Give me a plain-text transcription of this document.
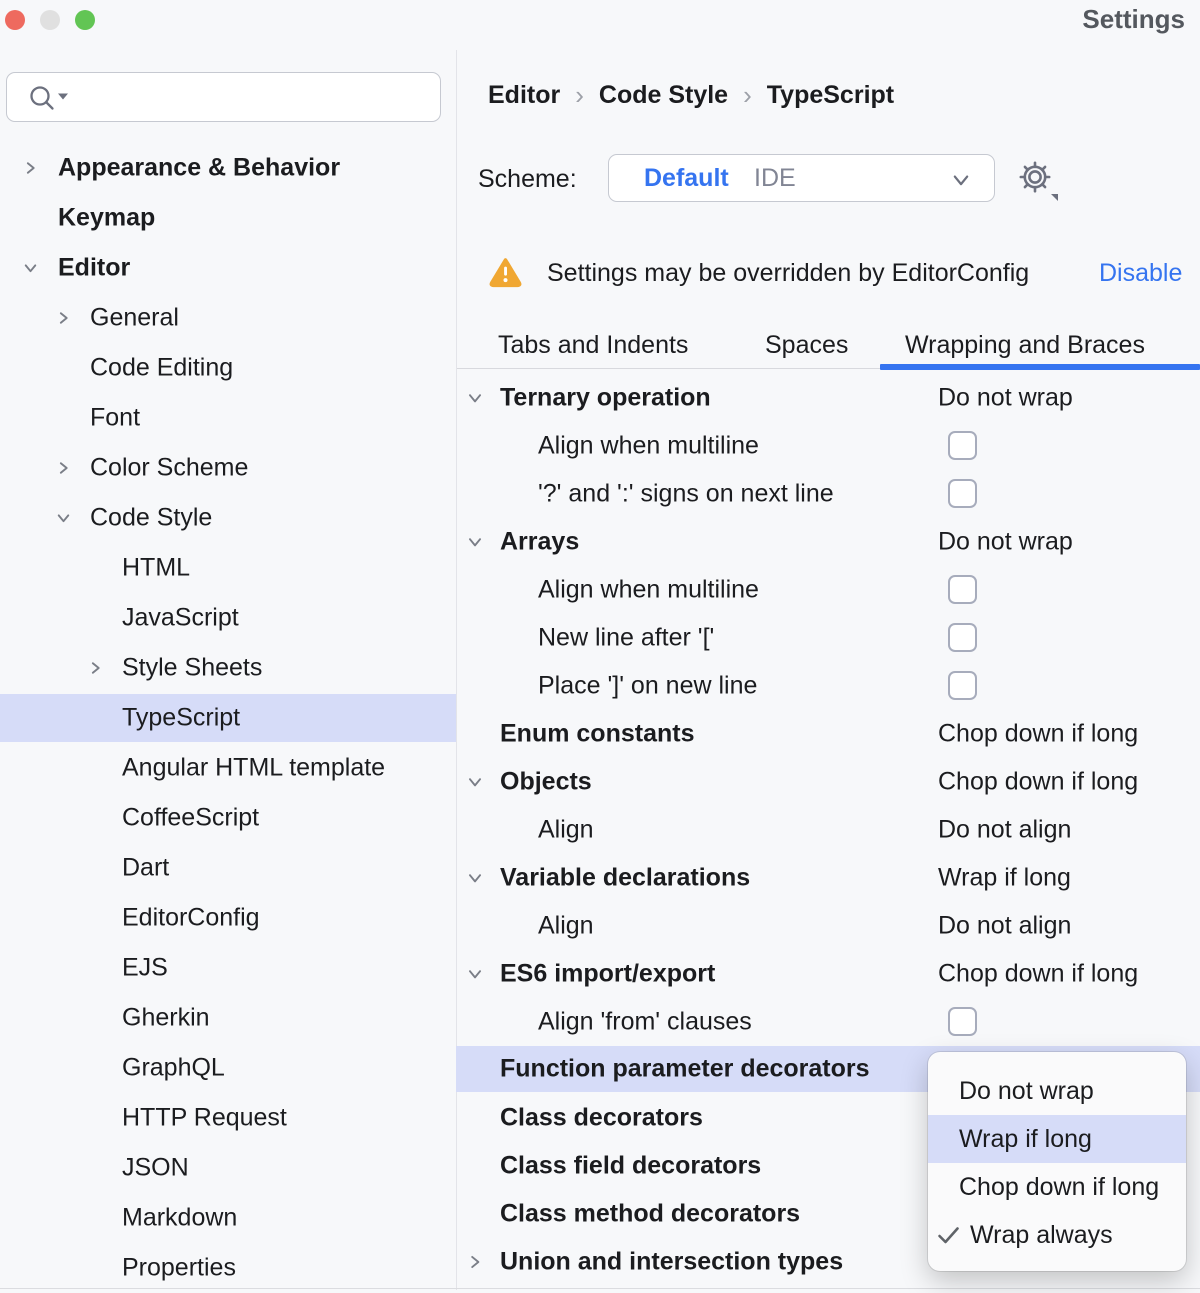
Settings
Appearance & Behavior
Keymap
Editor
General
Code Editing
Font
Color Scheme
Code Style
HTML
JavaScript
Style Sheets
TypeScript
Angular HTML template
CoffeeScript
Dart
EditorConfig
EJS
Gherkin
GraphQL
HTTP Request
JSON
Markdown
Properties
Editor › Code Style › TypeScript
Scheme:	Default IDE
Settings may be overridden by EditorConfig	Disable
Tabs and Indents	Spaces Wrapping and Braces
Ternary operation	Do not wrap
Align when multiline
'?' and ':' signs on next line
Arrays	Do not wrap
Align when multiline
New line after '['
Place ']' on new line
Enum constants	Chop down if long
Objects	Chop down if long
Align	Do not align
Variable declarations	Wrap if long
Align	Do not align
ES6 import/export	Chop down if long
Align 'from' clauses
Function parameter decorators
Class decorators
Class field decorators
Class method decorators
Union and intersection types
Do not wrap
Wrap if long
Chop down if long
Wrap always
